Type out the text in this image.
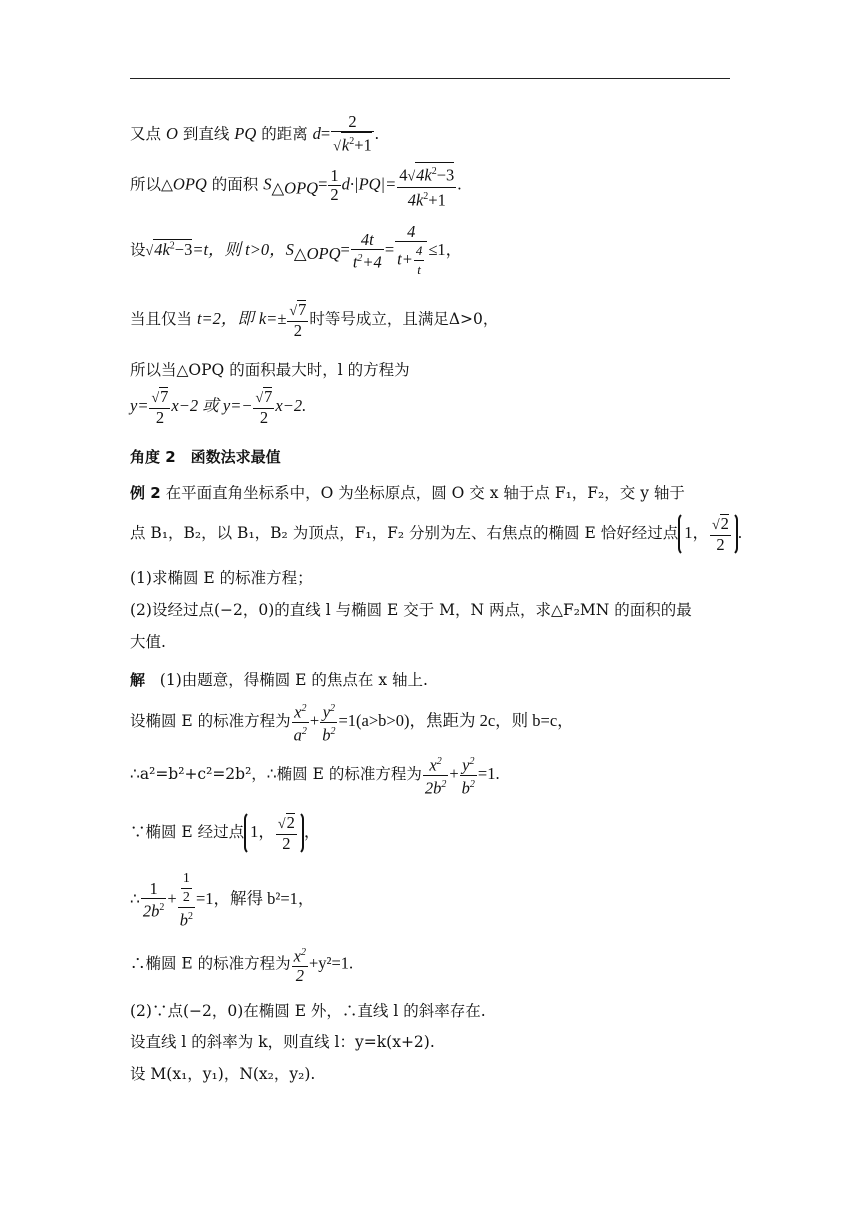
又点 O 到直线 PQ 的距离 $d= \frac{2}{√k^2+1}$ .
所以△OPQ 的面积 $S_{\triangle OPQ}= \frac{1}{2} d\cdot|PQ|= \frac{4√4k^2-3}{4k^2+1}$ .
设$√4k^2-3=t$，则 t>0，$S_{\triangle OPQ}= \frac{4t}{t^2+4} = \frac{4}{t+ \frac{4}{t}} \le 1$，
当且仅当 t=2，即 $k=\pm \frac{√7}{2}$ 时等号成立，且满足Δ>0，
所以当△OPQ 的面积最大时，l 的方程为
$y= \frac{√7}{2} x-2$ 或 $y=- \frac{√7}{2} x-2$.
角度 2　函数法求最值
例 2 在平面直角坐标系中，O 为坐标原点，圆 O 交 x 轴于点 F₁，F₂，交 y 轴于
点 B₁，B₂，以 B₁，B₂ 为顶点，F₁，F₂ 分别为左、右焦点的椭圆 E 恰好经过点 1， $\frac{√2}{2}$ .
(1)求椭圆 E 的标准方程；
(2)设经过点(−2，0)的直线 l 与椭圆 E 交于 M，N 两点，求△F₂MN 的面积的最
大值.
解 (1)由题意，得椭圆 E 的焦点在 x 轴上.
设椭圆 E 的标准方程为 $\frac{x^2}{a^2} + \frac{y^2}{b^2} =1(a>b>0)$，焦距为 2c，则 b=c，
∴a²=b²+c²=2b²，∴椭圆 E 的标准方程为 $\frac{x^2}{2b^2} + \frac{y^2}{b^2} =1$.
∵椭圆 E 经过点 1， $\frac{√2}{2}$ ，
∴ $\frac{1}{2b^2} + \frac{\frac{1}{2}}{b^2} =1$，解得 b²=1，
∴椭圆 E 的标准方程为 $\frac{x^2}{2} +y^2=1$.
(2)∵点(−2，0)在椭圆 E 外，∴直线 l 的斜率存在.
设直线 l 的斜率为 k，则直线 l：y=k(x+2).
设 M(x₁，y₁)，N(x₂，y₂).
